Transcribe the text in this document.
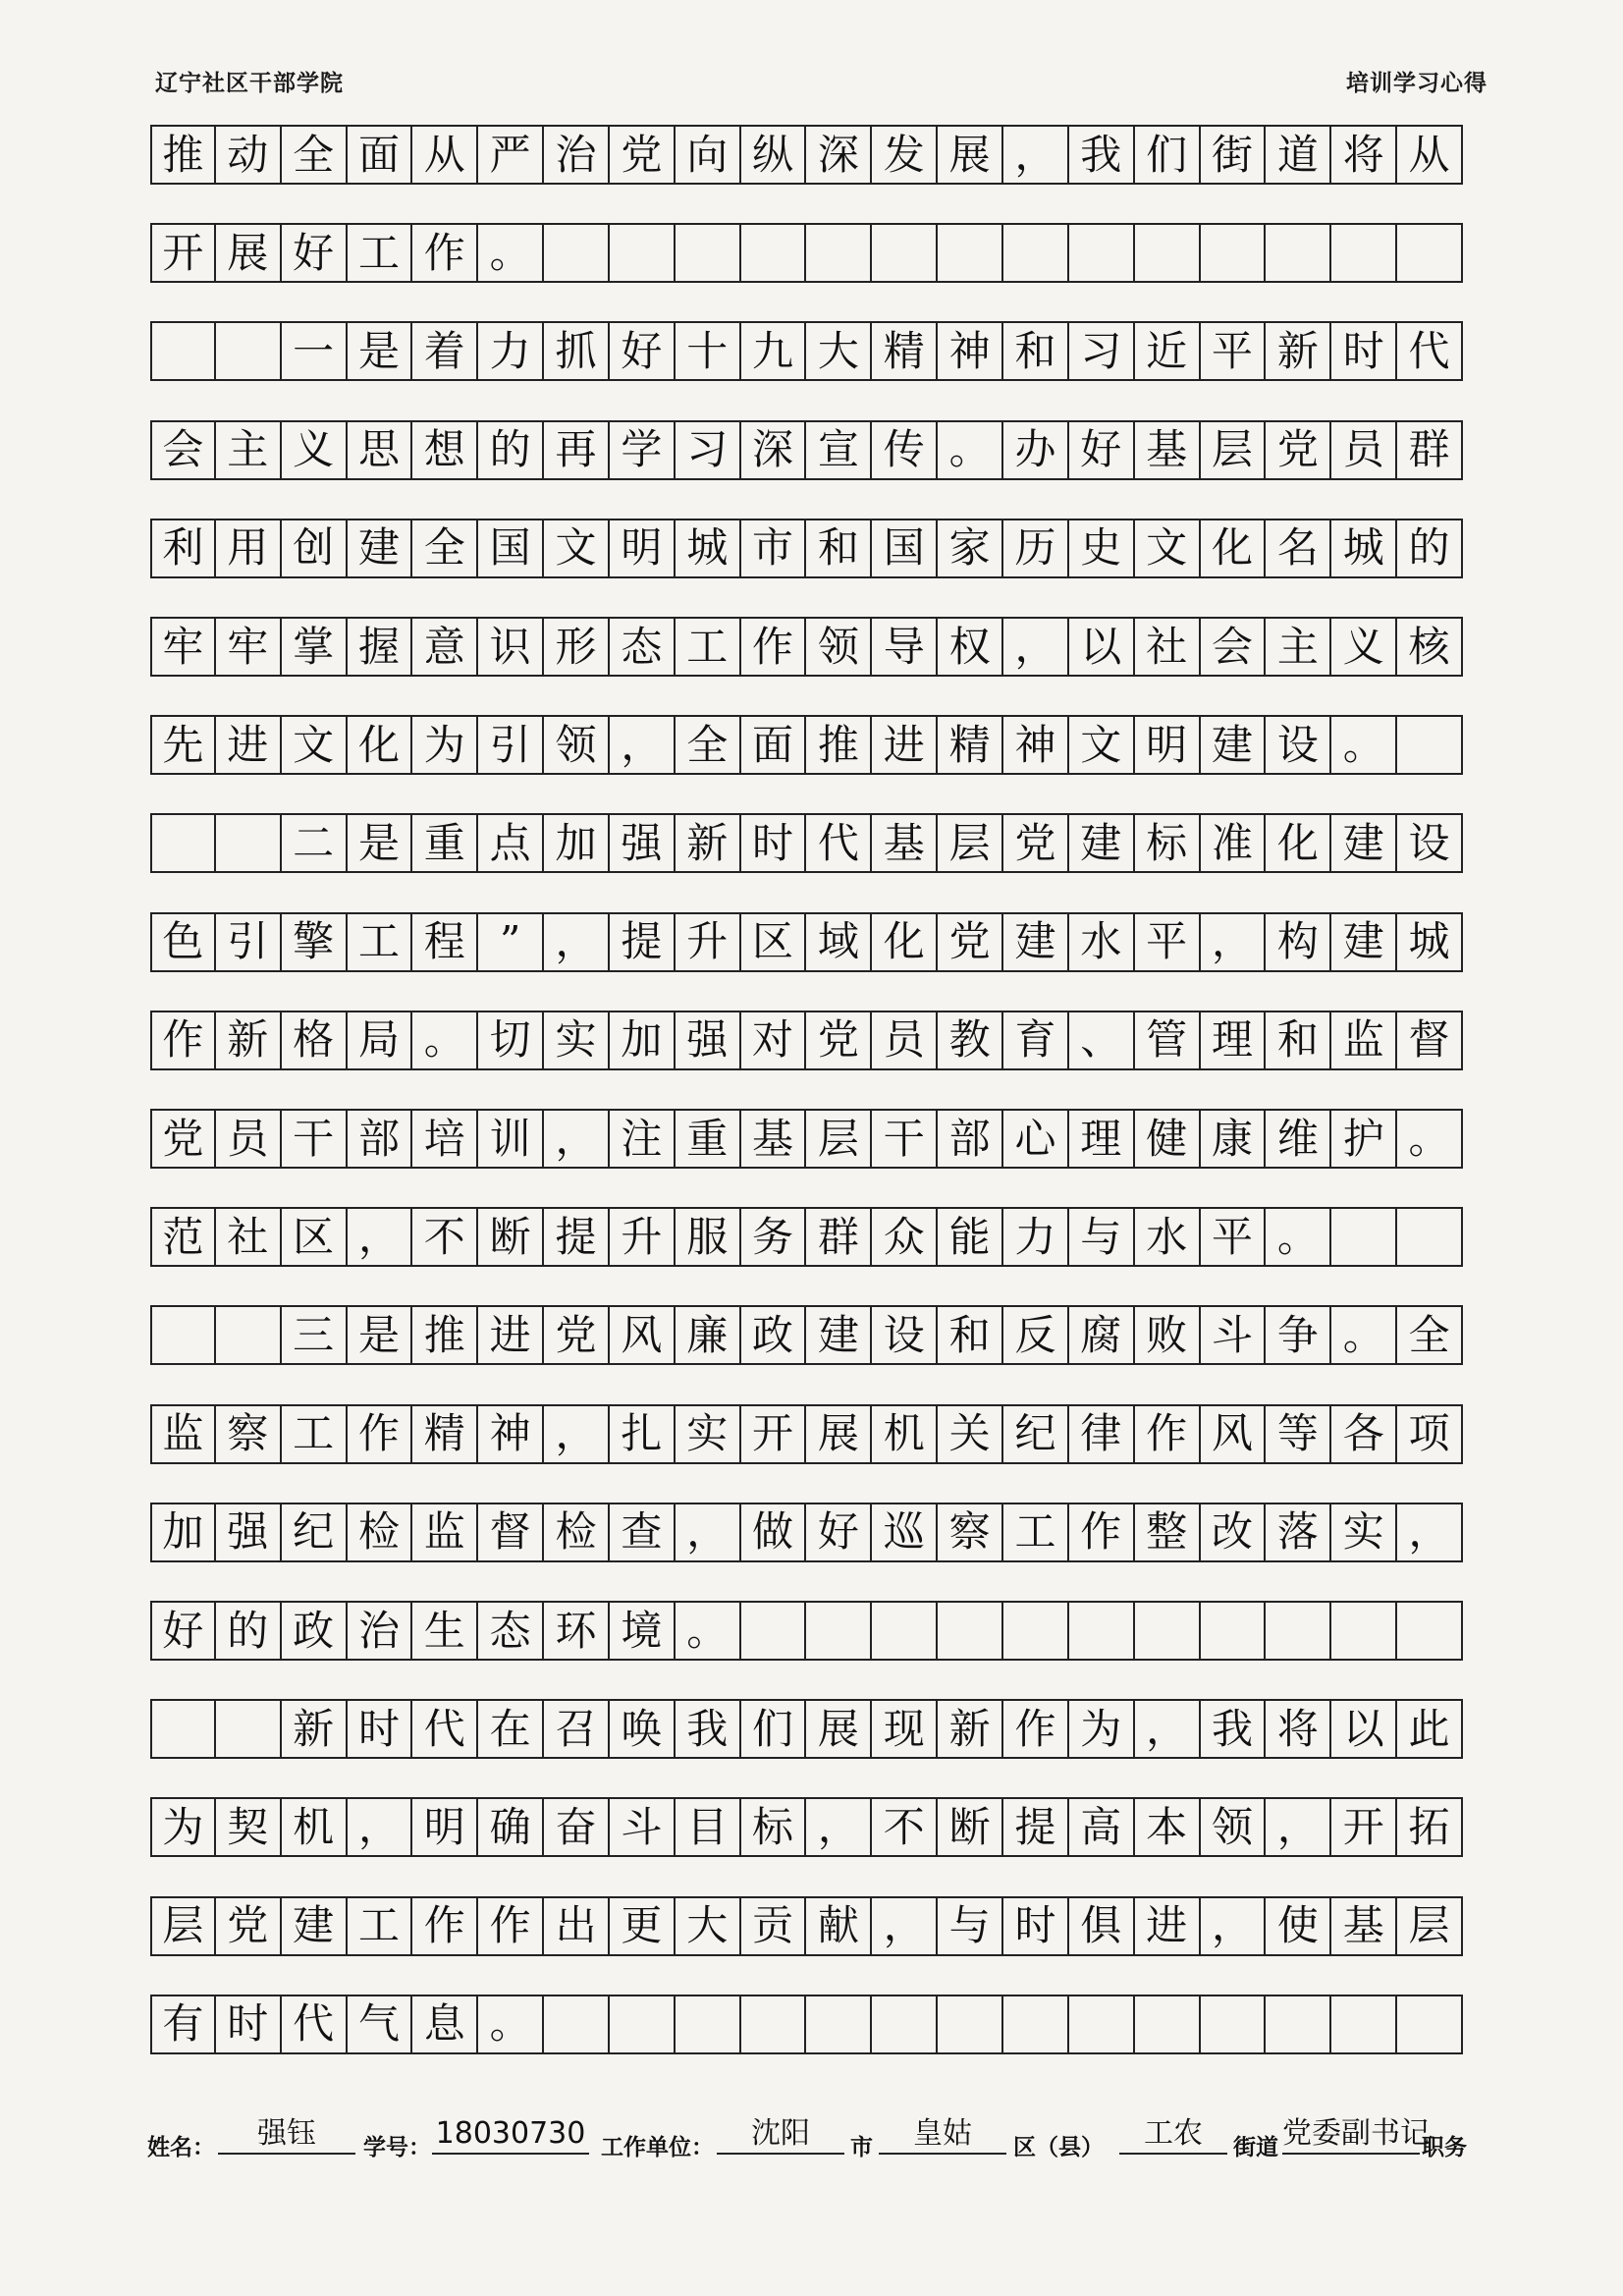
辽宁社区干部学院	培训学习心得
推 动 全 面 从 严 治 党 向 纵 深 发 展 ， 我 们 街 道 将 从
开 展 好 工 作 。
一 是 着 力 抓 好 十 九 大 精 神 和 习 近 平 新 时 代
会 主 义 思 想 的 再 学 习 深 宣 传 。 办 好 基 层 党 员 群
利 用 创 建 全 国 文 明 城 市 和 国 家 历 史 文 化 名 城 的
牢 牢 掌 握 意 识 形 态 工 作 领 导 权 ， 以 社 会 主 义 核
先 进 文 化 为 引 领 ， 全 面 推 进 精 神 文 明 建 设 。
二 是 重 点 加 强 新 时 代 基 层 党 建 标 准 化 建 设
色 引 擎 工 程 ” ， 提 升 区 域 化 党 建 水 平 ， 构 建 城
作 新 格 局 。 切 实 加 强 对 党 员 教 育 、 管 理 和 监 督
党 员 干 部 培 训 ， 注 重 基 层 干 部 心 理 健 康 维 护 。
范 社 区 ， 不 断 提 升 服 务 群 众 能 力 与 水 平 。
三 是 推 进 党 风 廉 政 建 设 和 反 腐 败 斗 争 。 全
监 察 工 作 精 神 ， 扎 实 开 展 机 关 纪 律 作 风 等 各 项
加 强 纪 检 监 督 检 查 ， 做 好 巡 察 工 作 整 改 落 实 ，
好 的 政 治 生 态 环 境 。
新 时 代 在 召 唤 我 们 展 现 新 作 为 ， 我 将 以 此
为 契 机 ， 明 确 奋 斗 目 标 ， 不 断 提 高 本 领 ， 开 拓
层 党 建 工 作 作 出 更 大 贡 献 ， 与 时 俱 进 ， 使 基 层
有 时 代 气 息 。
姓名：	强钰	学号： 18030730 工作单位：	沈阳	市	皇姑	区（县）	工农	街道 党委副书记
职务
